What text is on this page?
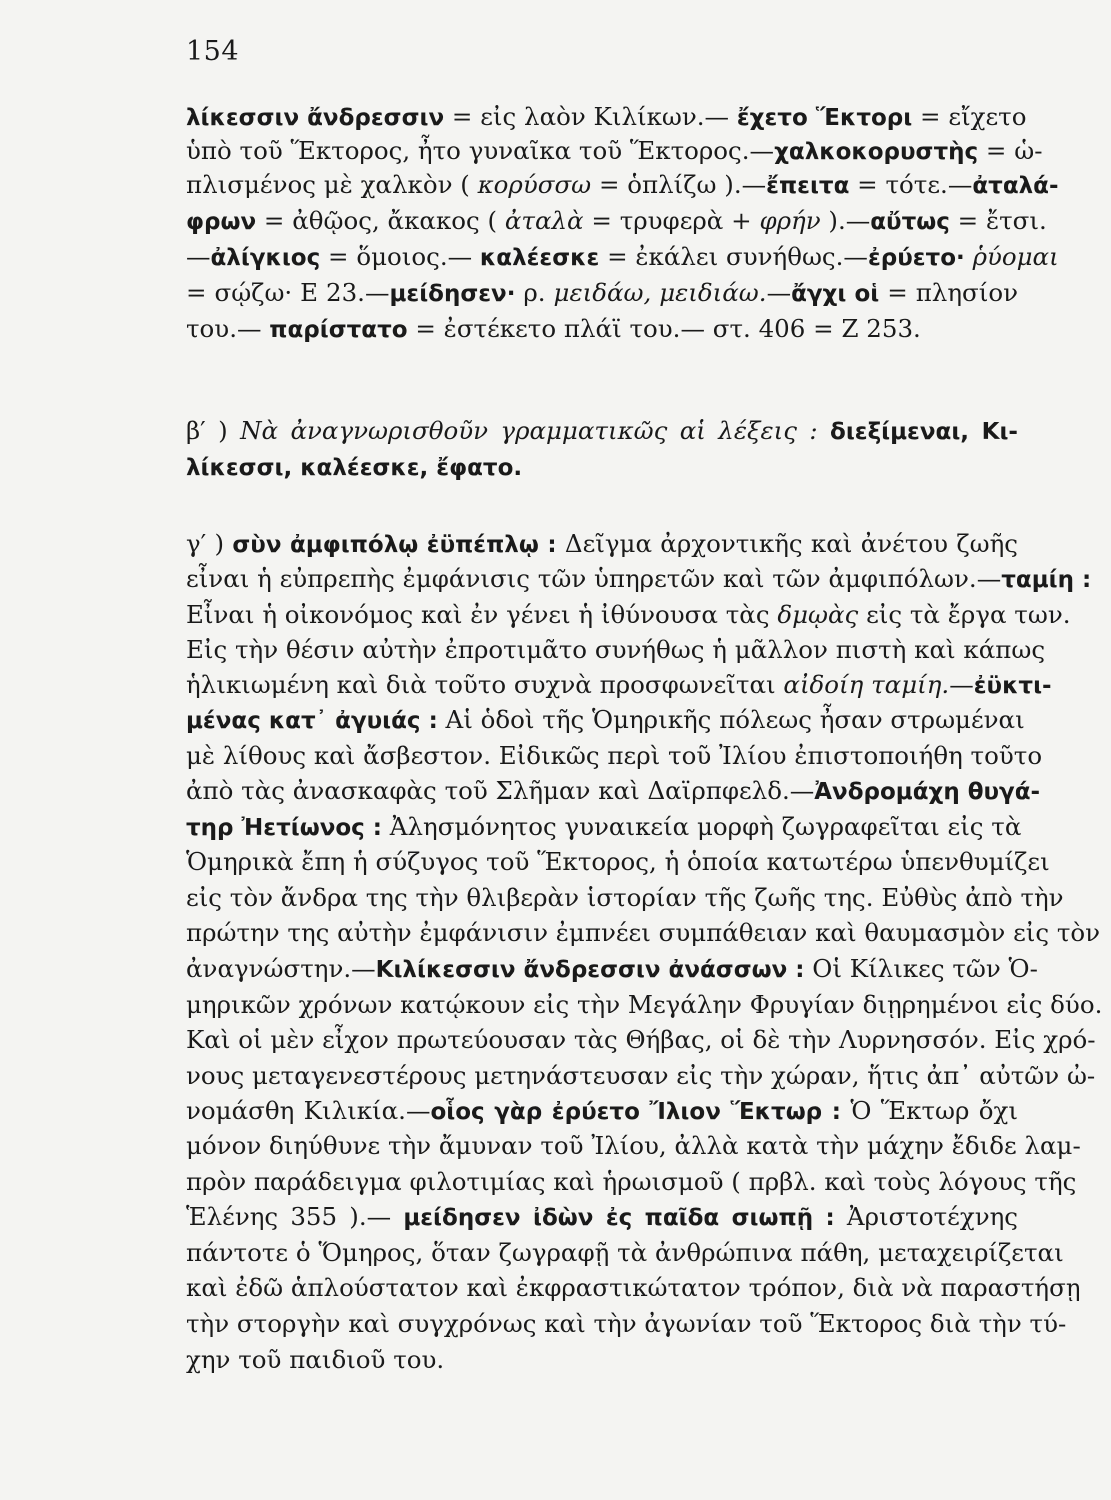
154
λίκεσσιν ἄνδρεσσιν = εἰς λαὸν Κιλίκων.— ἔχετο Ἕκτορι = εἴχετο
ὑπὸ τοῦ Ἕκτορος, ἦτο γυναῖκα τοῦ Ἕκτορος.—χαλκοκορυστὴς = ὡ-
πλισμένος μὲ χαλκὸν ( κορύσσω = ὁπλίζω ).—ἔπειτα = τότε.—ἀταλά-
φρων = ἀθῷος, ἄκακος ( ἀταλὰ = τρυφερὰ + φρήν ).—αὔτως = ἔτσι.
—ἀλίγκιος = ὅμοιος.— καλέεσκε = ἐκάλει συνήθως.—ἐρύετο· ῥύομαι
= σῴζω· Ε 23.—μείδησεν· ρ. μειδάω, μειδιάω.—ἄγχι οἱ = πλησίον
του.— παρίστατο = ἐστέκετο πλάϊ του.— στ. 406 = Ζ 253.
β′ ) Νὰ ἀναγνωρισθοῦν γραμματικῶς αἱ λέξεις : διεξίμεναι, Κι-
λίκεσσι, καλέεσκε, ἔφατο.
γ′ ) σὺν ἀμφιπόλῳ ἐϋπέπλῳ : Δεῖγμα ἀρχοντικῆς καὶ ἀνέτου ζωῆς
εἶναι ἡ εὐπρεπὴς ἐμφάνισις τῶν ὑπηρετῶν καὶ τῶν ἀμφιπόλων.—ταμίη :
Εἶναι ἡ οἰκονόμος καὶ ἐν γένει ἡ ἰθύνουσα τὰς δμῳὰς εἰς τὰ ἔργα των.
Εἰς τὴν θέσιν αὐτὴν ἐπροτιμᾶτο συνήθως ἡ μᾶλλον πιστὴ καὶ κάπως
ἡλικιωμένη καὶ διὰ τοῦτο συχνὰ προσφωνεῖται αἰδοίη ταμίη.—ἐϋκτι-
μένας κατ᾽ ἀγυιάς : Αἱ ὁδοὶ τῆς Ὁμηρικῆς πόλεως ἦσαν στρωμέναι
μὲ λίθους καὶ ἄσβεστον. Εἰδικῶς περὶ τοῦ Ἰλίου ἐπιστοποιήθη τοῦτο
ἀπὸ τὰς ἀνασκαφὰς τοῦ Σλῆμαν καὶ Δαϊρπφελδ.—Ἀνδρομάχη θυγά-
τηρ Ἠετίωνος : Ἀλησμόνητος γυναικεία μορφὴ ζωγραφεῖται εἰς τὰ
Ὁμηρικὰ ἔπη ἡ σύζυγος τοῦ Ἕκτορος, ἡ ὁποία κατωτέρω ὑπενθυμίζει
εἰς τὸν ἄνδρα της τὴν θλιβερὰν ἱστορίαν τῆς ζωῆς της. Εὐθὺς ἀπὸ τὴν
πρώτην της αὐτὴν ἐμφάνισιν ἐμπνέει συμπάθειαν καὶ θαυμασμὸν εἰς τὸν
ἀναγνώστην.—Κιλίκεσσιν ἄνδρεσσιν ἀνάσσων : Οἱ Κίλικες τῶν Ὁ-
μηρικῶν χρόνων κατῴκουν εἰς τὴν Μεγάλην Φρυγίαν διῃρημένοι εἰς δύο.
Καὶ οἱ μὲν εἶχον πρωτεύουσαν τὰς Θήβας, οἱ δὲ τὴν Λυρνησσόν. Εἰς χρό-
νους μεταγενεστέρους μετηνάστευσαν εἰς τὴν χώραν, ἥτις ἀπ᾽ αὐτῶν ὠ-
νομάσθη Κιλικία.—οἷος γὰρ ἐρύετο Ἴλιον Ἕκτωρ : Ὁ Ἕκτωρ ὄχι
μόνον διηύθυνε τὴν ἄμυναν τοῦ Ἰλίου, ἀλλὰ κατὰ τὴν μάχην ἔδιδε λαμ-
πρὸν παράδειγμα φιλοτιμίας καὶ ἡρωισμοῦ ( πρβλ. καὶ τοὺς λόγους τῆς
Ἑλένης 355 ).— μείδησεν ἰδὼν ἐς παῖδα σιωπῇ : Ἀριστοτέχνης
πάντοτε ὁ Ὅμηρος, ὅταν ζωγραφῇ τὰ ἀνθρώπινα πάθη, μεταχειρίζεται
καὶ ἐδῶ ἁπλούστατον καὶ ἐκφραστικώτατον τρόπον, διὰ νὰ παραστήσῃ
τὴν στοργὴν καὶ συγχρόνως καὶ τὴν ἀγωνίαν τοῦ Ἕκτορος διὰ τὴν τύ-
χην τοῦ παιδιοῦ του.
